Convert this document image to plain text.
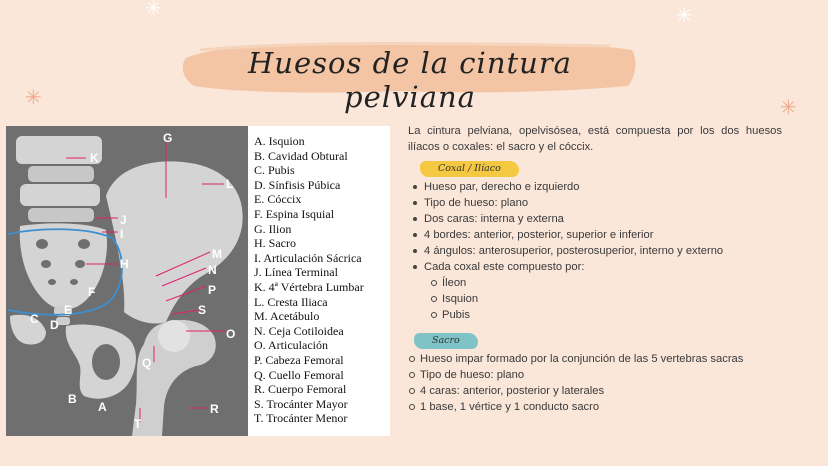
✳	✳
✳	✳
Huesos de la cintura pelviana
A
B
C D
E
F
G
H
I
J
K
L
M
N
O
P
Q
R
S
T
A. Isquion
B. Cavidad Obtural
C. Pubis
D. Sínfisis Púbica
E. Cóccix
F. Espina Isquial
G. Ilion
H. Sacro
I. Articulación Sácrica
J. Línea Terminal
K. 4ª Vértebra Lumbar
L. Cresta Iliaca
M. Acetábulo
N. Ceja Cotiloidea
O. Articulación
P. Cabeza Femoral
Q. Cuello Femoral
R. Cuerpo Femoral
S. Trocánter Mayor
T. Trocánter Menor
La cintura pelviana, opelvisósea, está compuesta por los dos huesos ilíacos o coxales: el sacro y el cóccix.
Coxal / Ilíaco
Hueso par, derecho e izquierdo
Tipo de hueso: plano
Dos caras: interna y externa
4 bordes: anterior, posterior, superior e inferior
4 ángulos: anterosuperior, posterosuperior, interno y externo
Cada coxal este compuesto por:
Íleon
Isquion
Pubis
Sacro
Hueso impar formado por la conjunción de las 5 vertebras sacras
Tipo de hueso: plano
4 caras: anterior, posterior y laterales
1 base, 1 vértice y 1 conducto sacro
